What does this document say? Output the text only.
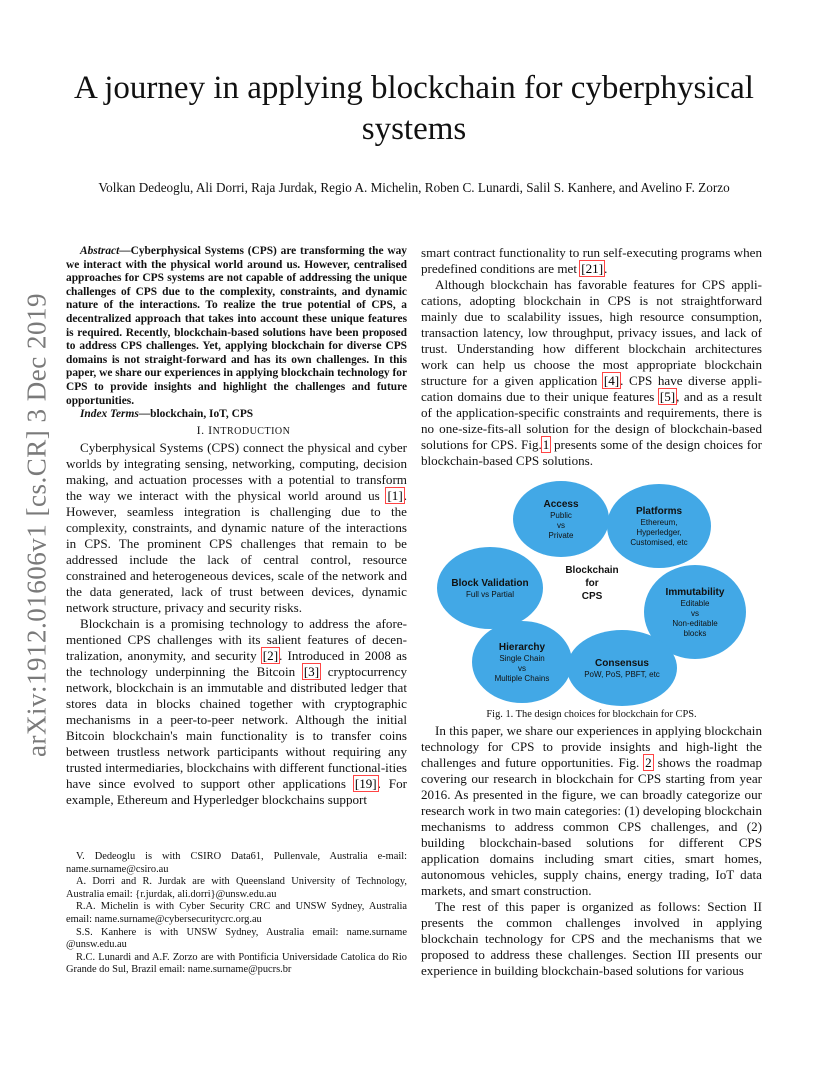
arXiv:1912.01606v1 [cs.CR] 3 Dec 2019
A journey in applying blockchain for cyberphysical
systems
Volkan Dedeoglu, Ali Dorri, Raja Jurdak, Regio A. Michelin, Roben C. Lunardi, Salil S. Kanhere, and Avelino F. Zorzo

Abstract—Cyberphysical Systems (CPS) are transforming the way we interact with the physical world around us. However, centralised approaches for CPS systems are not capable of addressing the unique challenges of CPS due to the complexity, constraints, and dynamic nature of the interactions. To realize the true potential of CPS, a decentralized approach that takes into account these unique features is required. Recently, blockchain-based solutions have been proposed to address CPS challenges. Yet, applying blockchain for diverse CPS domains is not straight-forward and has its own challenges. In this paper, we share our experiences in applying blockchain technology for CPS to provide insights and highlight the challenges and future opportunities.

Index Terms—blockchain, IoT, CPS

I. INTRODUCTION

Cyberphysical Systems (CPS) connect the physical and cyber worlds by integrating sensing, networking, computing, decision making, and actuation processes with a potential to transform the way we interact with the physical world around us [1]. However, seamless integration is challenging due to the complexity, constraints, and dynamic nature of the interactions in CPS. The prominent CPS challenges that remain to be addressed include the lack of central control, resource constrained and heterogeneous devices, scale of the network and the data generated, lack of trust between devices, dynamic network structure, privacy and security risks.

Blockchain is a promising technology to address the afore-mentioned CPS challenges with its salient features of decen-tralization, anonymity, and security [2]. Introduced in 2008 as the technology underpinning the Bitcoin [3] cryptocurrency network, blockchain is an immutable and distributed ledger that stores data in blocks chained together with cryptographic mechanisms in a peer-to-peer network. Although the initial Bitcoin blockchain's main functionality is to transfer coins between trustless network participants without requiring any trusted intermediaries, blockchains with different functional-ities have since evolved to support other applications [19]. For example, Ethereum and Hyperledger blockchains support

V. Dedeoglu is with CSIRO Data61, Pullenvale, Australia e-mail: name.surname@csiro.au

A. Dorri and R. Jurdak are with Queensland University of Technology, Australia email: {r.jurdak, ali.dorri}@unsw.edu.au

R.A. Michelin is with Cyber Security CRC and UNSW Sydney, Australia email: name.surname@cybersecuritycrc.org.au

S.S. Kanhere is with UNSW Sydney, Australia email: name.surname @unsw.edu.au

R.C. Lunardi and A.F. Zorzo are with Pontificia Universidade Catolica do Rio Grande do Sul, Brazil email: name.surname@pucrs.br

smart contract functionality to run self-executing programs when predefined conditions are met [21].

Although blockchain has favorable features for CPS appli-cations, adopting blockchain in CPS is not straightforward mainly due to scalability issues, high resource consumption, transaction latency, low throughput, privacy issues, and lack of trust. Understanding how different blockchain architectures work can help us choose the most appropriate blockchain structure for a given application [4]. CPS have diverse appli-cation domains due to their unique features [5], and as a result of the application-specific constraints and requirements, there is no one-size-fits-all solution for the design of blockchain-based solutions for CPS. Fig.1 presents some of the design choices for blockchain-based CPS solutions.

Access
Public
vs
Private
Platforms
Ethereum,
Hyperledger,
Customised, etc
Block Validation
Full vs Partial	Immutability
Editable
vs
Non-editable
blocks
Hierarchy
Single Chain
vs
Multiple Chains
Consensus
PoW, PoS, PBFT, etc
Blockchain
for
CPS

Fig. 1. The design choices for blockchain for CPS.

In this paper, we share our experiences in applying blockchain technology for CPS to provide insights and high-light the challenges and future opportunities. Fig. 2 shows the roadmap covering our research in blockchain for CPS starting from year 2016. As presented in the figure, we can broadly categorize our research work in two main categories: (1) developing blockchain mechanisms to address common CPS challenges, and (2) building blockchain-based solutions for different CPS application domains including smart cities, smart homes, autonomous vehicles, supply chains, energy trading, IoT data markets, and smart construction.

The rest of this paper is organized as follows: Section II presents the common challenges involved in applying blockchain technology for CPS and the mechanisms that we proposed to address these challenges. Section III presents our experience in building blockchain-based solutions for various
